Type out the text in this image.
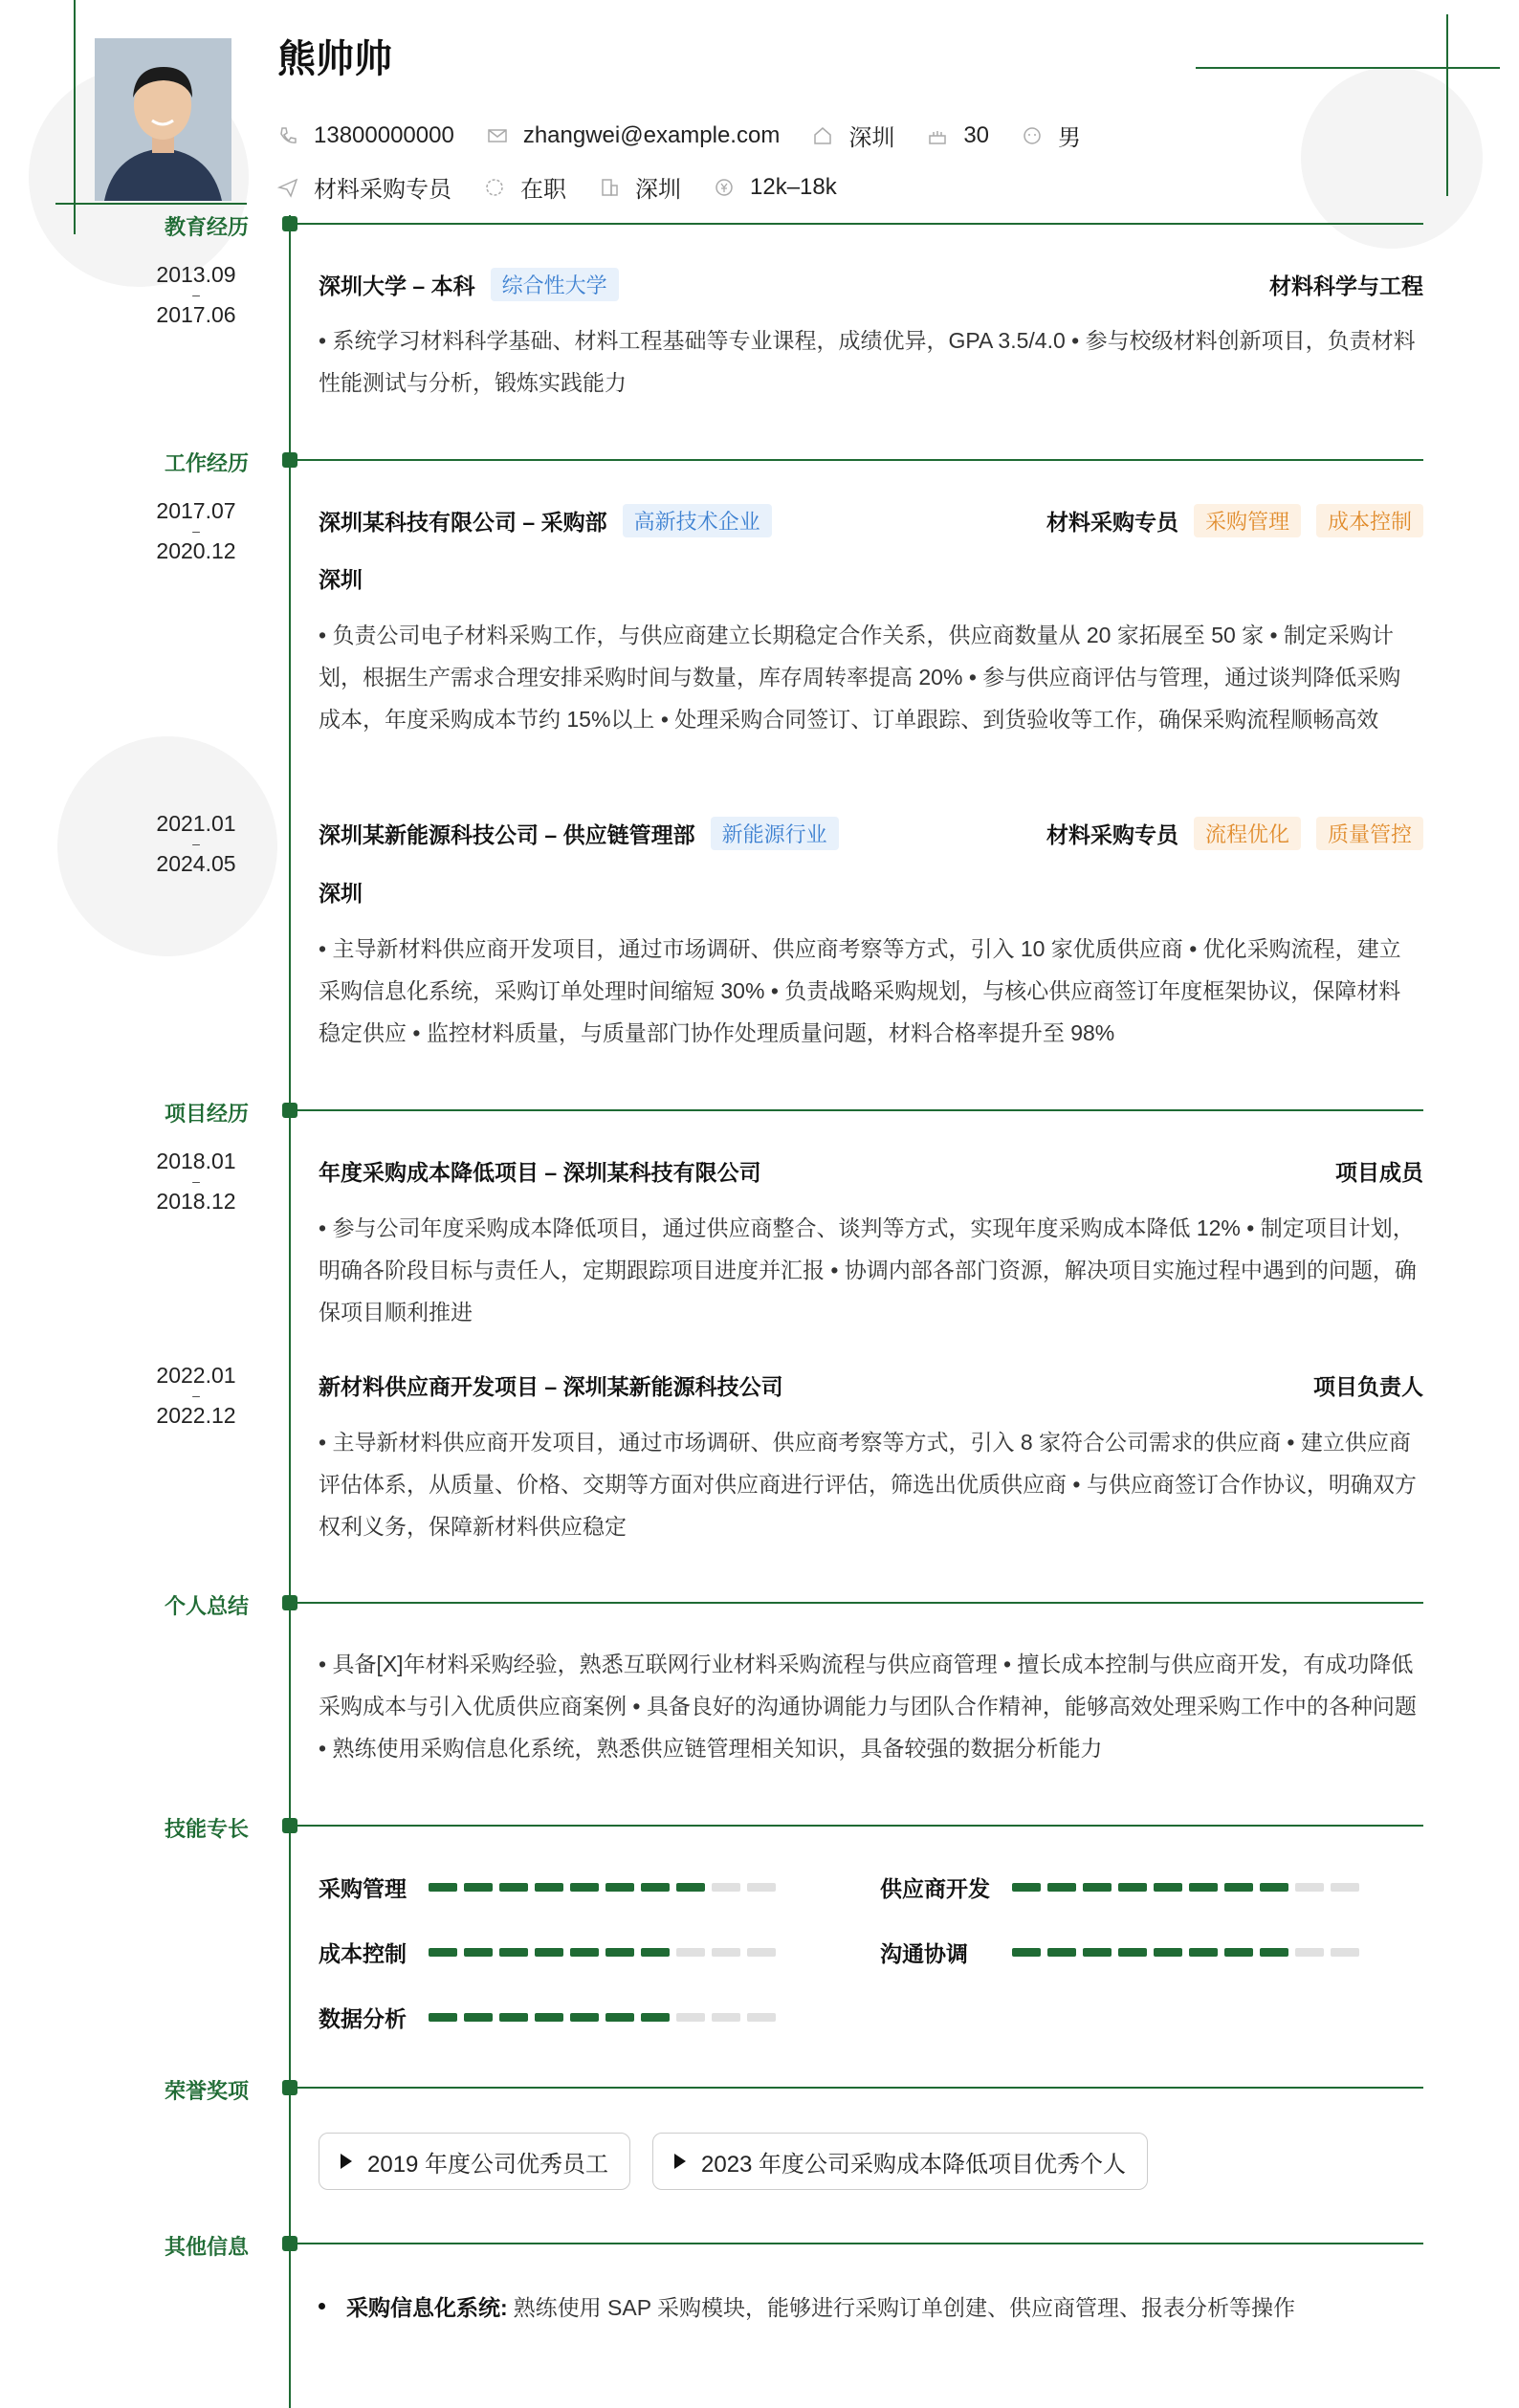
熊帅帅
13800000000	zhangwei@example.com	深圳	30	男
材料采购专员	在职	深圳	12k–18k
教育经历
2013.09
–
2017.06
深圳大学 – 本科	综合性大学	材料科学与工程
• 系统学习材料科学基础、材料工程基础等专业课程，成绩优异，GPA 3.5/4.0 • 参与校级材料创新项目，负责材料性能测试与分析，锻炼实践能力
工作经历
2017.07
–
2020.12
深圳某科技有限公司 – 采购部	高新技术企业	材料采购专员	采购管理	成本控制
深圳
• 负责公司电子材料采购工作，与供应商建立长期稳定合作关系，供应商数量从 20 家拓展至 50 家 • 制定采购计划，根据生产需求合理安排采购时间与数量，库存周转率提高 20% • 参与供应商评估与管理，通过谈判降低采购成本，年度采购成本节约 15%以上 • 处理采购合同签订、订单跟踪、到货验收等工作，确保采购流程顺畅高效
2021.01
–
2024.05
深圳某新能源科技公司 – 供应链管理部	新能源行业	材料采购专员	流程优化	质量管控
深圳
• 主导新材料供应商开发项目，通过市场调研、供应商考察等方式，引入 10 家优质供应商 • 优化采购流程，建立采购信息化系统，采购订单处理时间缩短 30% • 负责战略采购规划，与核心供应商签订年度框架协议，保障材料稳定供应 • 监控材料质量，与质量部门协作处理质量问题，材料合格率提升至 98%
项目经历
2018.01
–
2018.12
年度采购成本降低项目 – 深圳某科技有限公司	项目成员
• 参与公司年度采购成本降低项目，通过供应商整合、谈判等方式，实现年度采购成本降低 12% • 制定项目计划，明确各阶段目标与责任人，定期跟踪项目进度并汇报 • 协调内部各部门资源，解决项目实施过程中遇到的问题，确保项目顺利推进
2022.01
–
2022.12
新材料供应商开发项目 – 深圳某新能源科技公司	项目负责人
• 主导新材料供应商开发项目，通过市场调研、供应商考察等方式，引入 8 家符合公司需求的供应商 • 建立供应商评估体系，从质量、价格、交期等方面对供应商进行评估，筛选出优质供应商 • 与供应商签订合作协议，明确双方权利义务，保障新材料供应稳定
个人总结
• 具备[X]年材料采购经验，熟悉互联网行业材料采购流程与供应商管理 • 擅长成本控制与供应商开发，有成功降低采购成本与引入优质供应商案例 • 具备良好的沟通协调能力与团队合作精神，能够高效处理采购工作中的各种问题 • 熟练使用采购信息化系统，熟悉供应链管理相关知识，具备较强的数据分析能力
技能专长
采购管理	供应商开发
成本控制	沟通协调
数据分析
荣誉奖项
2019 年度公司优秀员工	2023 年度公司采购成本降低项目优秀个人
其他信息
采购信息化系统: 熟练使用 SAP 采购模块，能够进行采购订单创建、供应商管理、报表分析等操作
